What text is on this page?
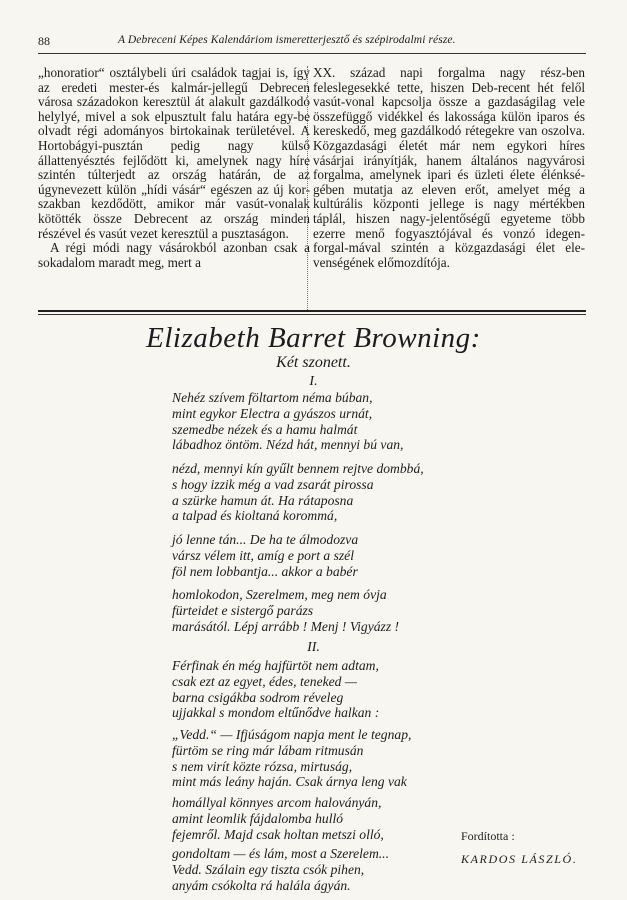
88	A Debreceni Képes Kalendáriom ismeretterjesztő és szépirodalmi része.

„honoratior“ osztálybeli úri családok tagjai is, így az eredeti mester-és kalmár-jellegű Debrecen városa századokon keresztül át alakult gazdálkodó helylyé, mivel a sok elpusztult falu határa egy-be olvadt régi adományos birtokainak területével. A Hortobágyi-pusztán pedig nagy külső állattenyésztés fejlődött ki, amelynek nagy híre szintén túlterjedt az ország határán, de az úgynevezett külön „hídi vásár“ egészen az új kor-szakban kezdődött, amikor már vasút-vonalak kötötték össze Debrecent az ország minden részével és vasút vezet keresztül a pusztaságon.

A régi módi nagy vásárokból azonban csak a sokadalom maradt meg, mert a

XX. század napi forgalma nagy rész-ben feleslegesekké tette, hiszen Deb-recent hét felől vasút-vonal kapcsolja össze a gazdaságilag vele összefüggő vidékkel és lakossága külön iparos és kereskedő, meg gazdálkodó rétegekre van oszolva. Közgazdasági életét már nem egykori híres vásárjai irányítják, hanem általános nagyvárosi forgalma, amelynek ipari és üzleti élete élénksé-gében mutatja az eleven erőt, amelyet még a kultúrális központi jellege is nagy mértékben táplál, hiszen nagy-jelentőségű egyeteme több ezerre menő fogyasztójával és vonzó idegen-forgal-mával szintén a közgazdasági élet ele-venségének előmozdítója.

Elizabeth Barret Browning:
Két szonett.
I.
Nehéz szívem föltartom néma búban,
mint egykor Electra a gyászos urnát,
szemedbe nézek és a hamu halmát
lábadhoz öntöm. Nézd hát, mennyi bú van,
nézd, mennyi kín gyűlt bennem rejtve dombbá,
s hogy izzik még a vad zsarát pirossa
a szürke hamun át. Ha rátaposna
a talpad és kioltaná korommá,
jó lenne tán... De ha te álmodozva
vársz vélem itt, amíg e port a szél
föl nem lobbantja... akkor a babér
homlokodon, Szerelmem, meg nem óvja
fürteidet e sistergő parázs
marásától. Lépj arrább ! Menj ! Vigyázz !
II.
Férfinak én még hajfürtöt nem adtam,
csak ezt az egyet, édes, teneked —
barna csigákba sodrom réveleg
ujjakkal s mondom eltűnődve halkan :
„Vedd.“ — Ifjúságom napja ment le tegnap,
fürtöm se ring már lábam ritmusán
s nem virít közte rózsa, mirtuság,
mint más leány haján. Csak árnya leng vak
homállyal könnyes arcom haloványán,
amint leomlik fájdalomba hulló
fejemről. Majd csak holtan metszi olló,
gondoltam — és lám, most a Szerelem...
Vedd. Szálain egy tiszta csók pihen,
anyám csókolta rá halála ágyán.
Fordította :
KARDOS LÁSZLÓ.
